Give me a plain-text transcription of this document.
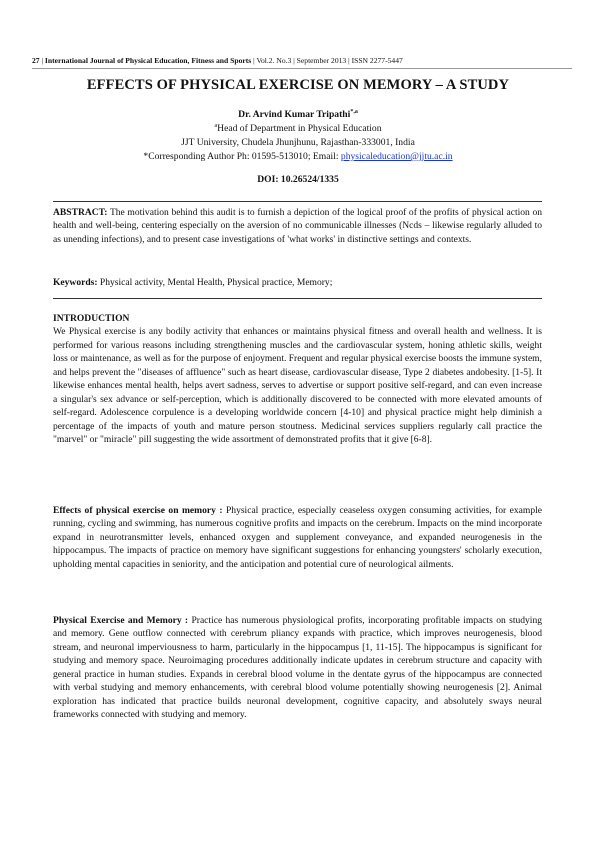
27 | International Journal of Physical Education, Fitness and Sports | Vol.2. No.3 | September 2013 | ISSN 2277-5447
EFFECTS OF PHYSICAL EXERCISE ON MEMORY – A STUDY
Dr. Arvind Kumar Tripathi$^{*,a}$
$^a$Head of Department in Physical Education
JJT University, Chudela Jhunjhunu, Rajasthan-333001, India
*Corresponding Author Ph: 01595-513010; Email: physicaleducation@jjtu.ac.in
DOI: 10.26524/1335
ABSTRACT: The motivation behind this audit is to furnish a depiction of the logical proof of the profits of physical action on health and well-being, centering especially on the aversion of no communicable illnesses (Ncds – likewise regularly alluded to as unending infections), and to present case investigations of 'what works' in distinctive settings and contexts.
Keywords: Physical activity, Mental Health, Physical practice, Memory;
INTRODUCTION
We Physical exercise is any bodily activity that enhances or maintains physical fitness and overall health and wellness. It is performed for various reasons including strengthening muscles and the cardiovascular system, honing athletic skills, weight loss or maintenance, as well as for the purpose of enjoyment. Frequent and regular physical exercise boosts the immune system, and helps prevent the "diseases of affluence" such as heart disease, cardiovascular disease, Type 2 diabetes andobesity. [1-5]. It likewise enhances mental health, helps avert sadness, serves to advertise or support positive self-regard, and can even increase a singular's sex advance or self-perception, which is additionally discovered to be connected with more elevated amounts of self-regard. Adolescence corpulence is a developing worldwide concern [4-10] and physical practice might help diminish a percentage of the impacts of youth and mature person stoutness. Medicinal services suppliers regularly call practice the "marvel" or "miracle" pill suggesting the wide assortment of demonstrated profits that it give [6-8].
Effects of physical exercise on memory : Physical practice, especially ceaseless oxygen consuming activities, for example running, cycling and swimming, has numerous cognitive profits and impacts on the cerebrum. Impacts on the mind incorporate expand in neurotransmitter levels, enhanced oxygen and supplement conveyance, and expanded neurogenesis in the hippocampus. The impacts of practice on memory have significant suggestions for enhancing youngsters' scholarly execution, upholding mental capacities in seniority, and the anticipation and potential cure of neurological ailments.
Physical Exercise and Memory : Practice has numerous physiological profits, incorporating profitable impacts on studying and memory. Gene outflow connected with cerebrum pliancy expands with practice, which improves neurogenesis, blood stream, and neuronal imperviousness to harm, particularly in the hippocampus [1, 11-15]. The hippocampus is significant for studying and memory space. Neuroimaging procedures additionally indicate updates in cerebrum structure and capacity with general practice in human studies. Expands in cerebral blood volume in the dentate gyrus of the hippocampus are connected with verbal studying and memory enhancements, with cerebral blood volume potentially showing neurogenesis [2]. Animal exploration has indicated that practice builds neuronal development, cognitive capacity, and absolutely sways neural frameworks connected with studying and memory.
